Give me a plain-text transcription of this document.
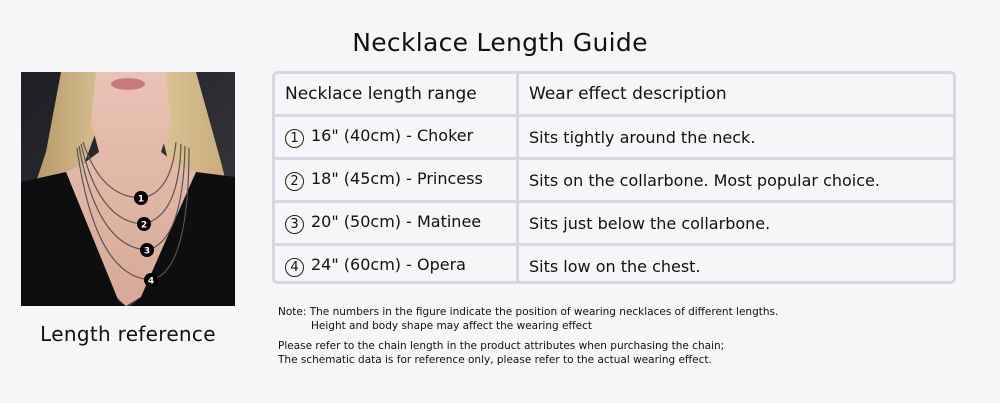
Necklace Length Guide
1
2
3
4
Length reference
Necklace length range	Wear effect description
1 16" (40cm) - Choker	Sits tightly around the neck.
2 18" (45cm) - Princess	Sits on the collarbone. Most popular choice.
3 20" (50cm) - Matinee	Sits just below the collarbone.
4 24" (60cm) - Opera	Sits low on the chest.
Note: The numbers in the figure indicate the position of wearing necklaces of different lengths.
Height and body shape may affect the wearing effect
Please refer to the chain length in the product attributes when purchasing the chain;
The schematic data is for reference only, please refer to the actual wearing effect.
